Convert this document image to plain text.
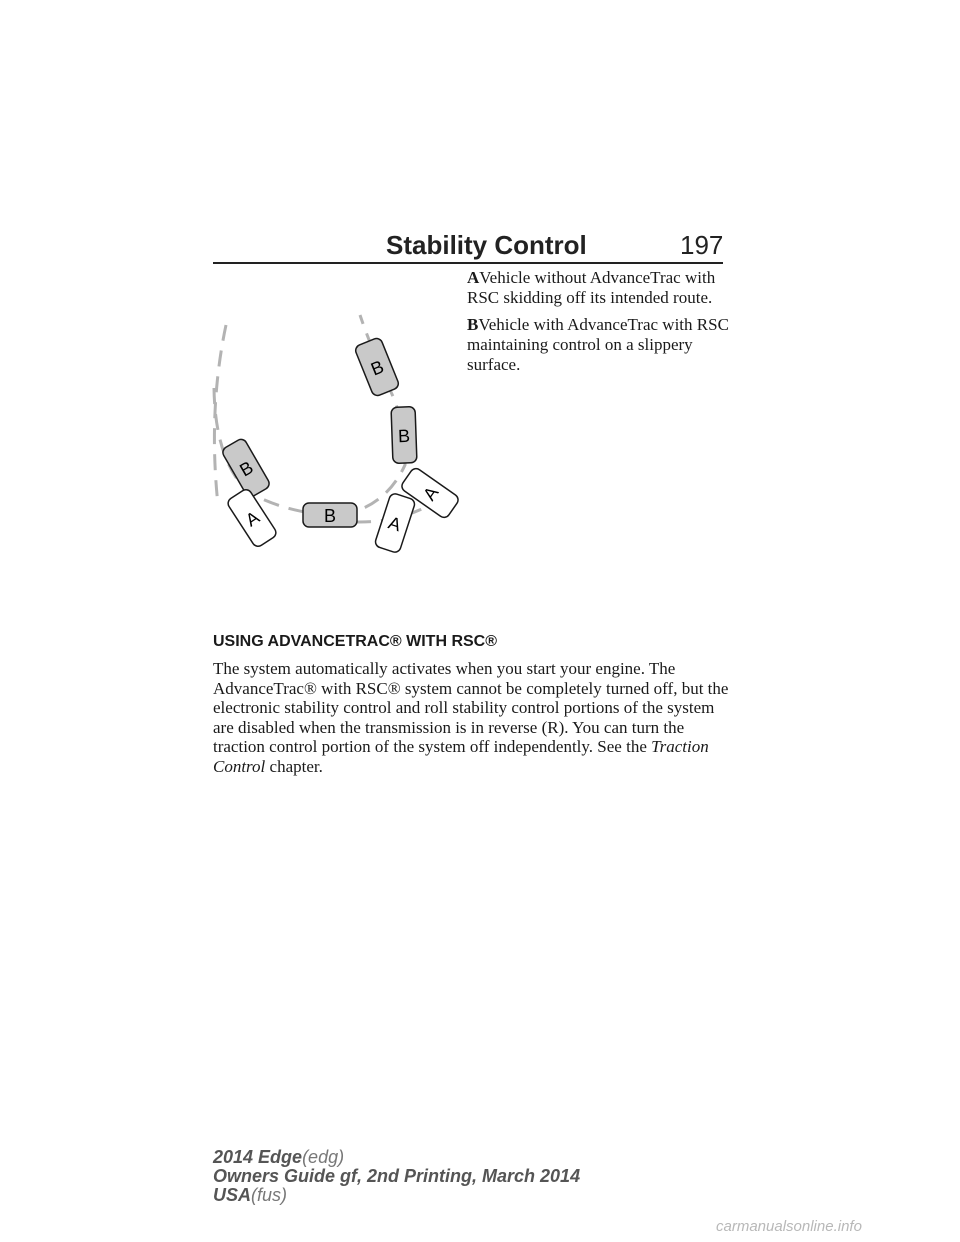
Stability Control	197
AVehicle without AdvanceTrac with RSC skidding off its intended route.
BVehicle with AdvanceTrac with RSC maintaining control on a slippery surface.
B
B
B
B
A	A
A
USING ADVANCETRAC® WITH RSC®
The system automatically activates when you start your engine. The AdvanceTrac® with RSC® system cannot be completely turned off, but the electronic stability control and roll stability control portions of the system are disabled when the transmission is in reverse (R). You can turn the traction control portion of the system off independently. See the Traction Control chapter.
2014 Edge(edg)
Owners Guide gf, 2nd Printing, March 2014
USA(fus)
carmanualsonline.info
